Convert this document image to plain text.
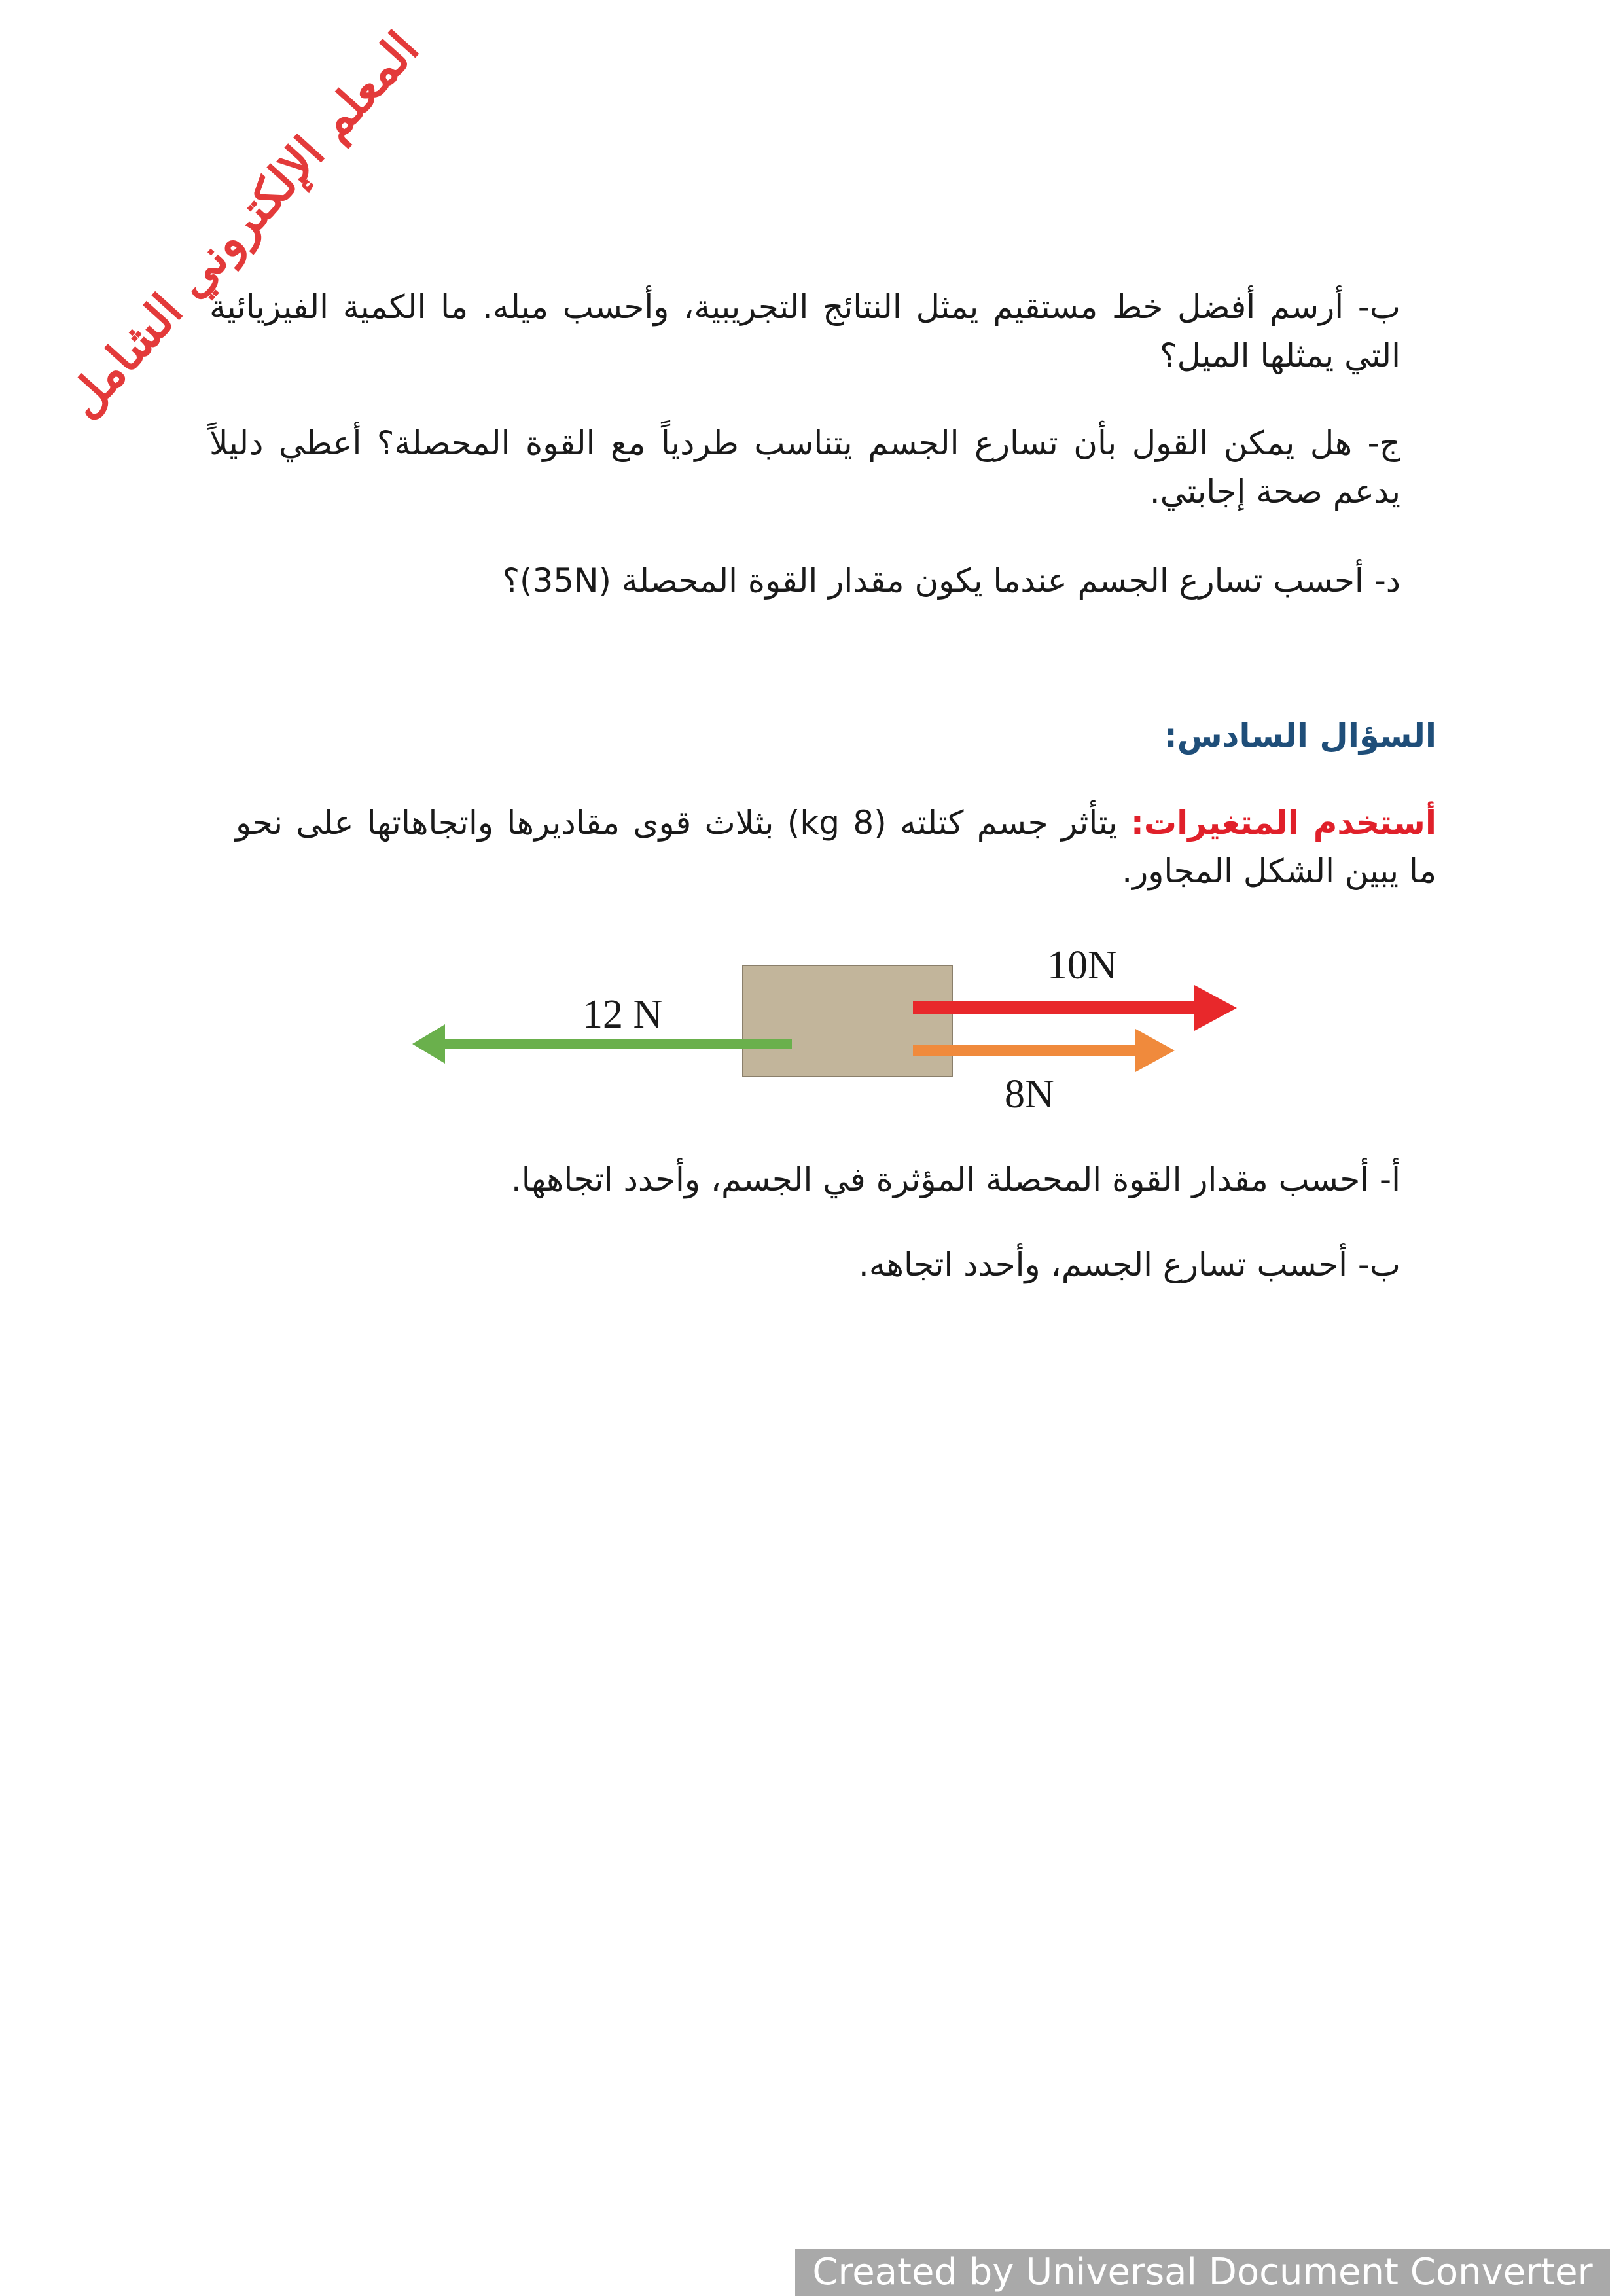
المعلم الإلكتروني الشامل
ب- أرسم أفضل خط مستقيم يمثل النتائج التجريبية، وأحسب ميله. ما الكمية الفيزيائية التي يمثلها الميل؟
ج- هل يمكن القول بأن تسارع الجسم يتناسب طردياً مع القوة المحصلة؟ أعطي دليلاً يدعم صحة إجابتي.
د- أحسب تسارع الجسم عندما يكون مقدار القوة المحصلة (35N)؟
السؤال السادس:
أستخدم المتغيرات: يتأثر جسم كتلته (8 kg) بثلاث قوى مقاديرها واتجاهاتها على نحو ما يبين الشكل المجاور.
12 N
10N
8N
أ- أحسب مقدار القوة المحصلة المؤثرة في الجسم، وأحدد اتجاهها.
ب- أحسب تسارع الجسم، وأحدد اتجاهه.
Created by Universal Document Converter
